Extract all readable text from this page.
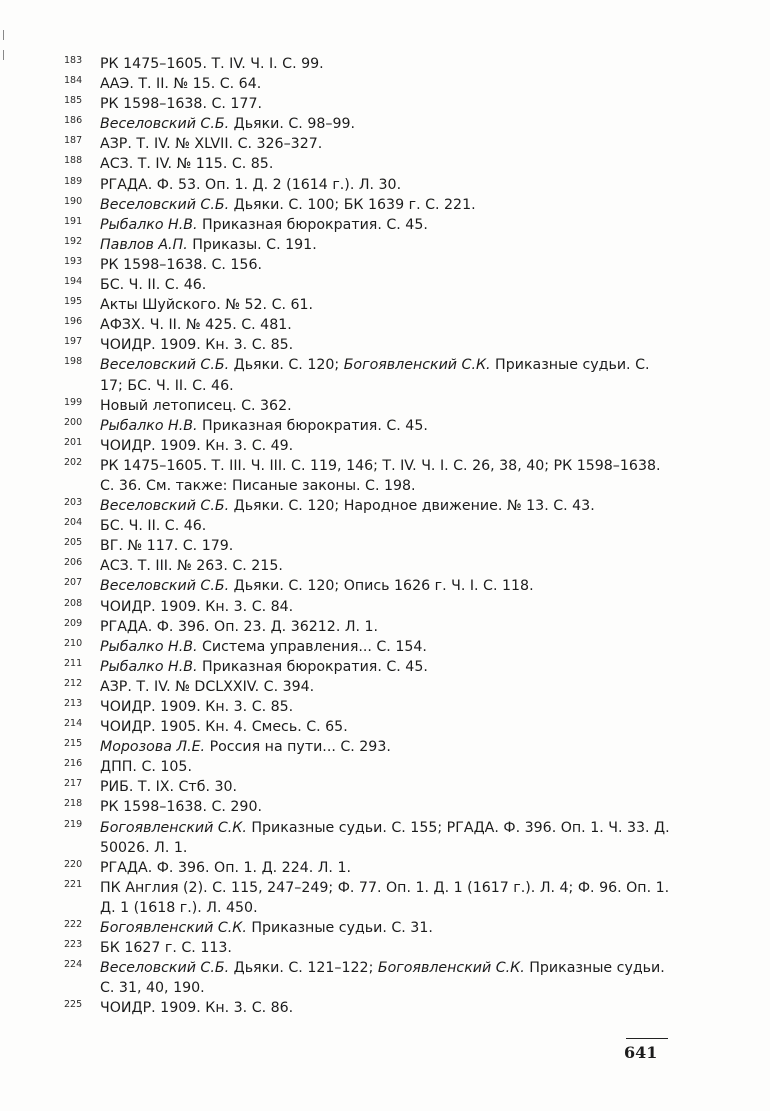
183 РК 1475–1605. Т. IV. Ч. I. С. 99.
184 ААЭ. Т. II. № 15. С. 64.
185 РК 1598–1638. С. 177.
186 Веселовский С.Б. Дьяки. С. 98–99.
187 АЗР. Т. IV. № XLVII. С. 326–327.
188 АСЗ. Т. IV. № 115. С. 85.
189 РГАДА. Ф. 53. Оп. 1. Д. 2 (1614 г.). Л. 30.
190 Веселовский С.Б. Дьяки. С. 100; БК 1639 г. С. 221.
191 Рыбалко Н.В. Приказная бюрократия. С. 45.
192 Павлов А.П. Приказы. С. 191.
193 РК 1598–1638. С. 156.
194 БС. Ч. II. С. 46.
195 Акты Шуйского. № 52. С. 61.
196 АФЗХ. Ч. II. № 425. С. 481.
197 ЧОИДР. 1909. Кн. 3. С. 85.
198 Веселовский С.Б. Дьяки. С. 120; Богоявленский С.К. Приказные судьи. С. 17; БС. Ч. II. С. 46.
199 Новый летописец. С. 362.
200 Рыбалко Н.В. Приказная бюрократия. С. 45.
201 ЧОИДР. 1909. Кн. 3. С. 49.
202 РК 1475–1605. Т. III. Ч. III. С. 119, 146; Т. IV. Ч. I. С. 26, 38, 40; РК 1598–1638. С. 36. См. также: Писаные законы. С. 198.
203 Веселовский С.Б. Дьяки. С. 120; Народное движение. № 13. С. 43.
204 БС. Ч. II. С. 46.
205 ВГ. № 117. С. 179.
206 АСЗ. Т. III. № 263. С. 215.
207 Веселовский С.Б. Дьяки. С. 120; Опись 1626 г. Ч. I. С. 118.
208 ЧОИДР. 1909. Кн. 3. С. 84.
209 РГАДА. Ф. 396. Оп. 23. Д. 36212. Л. 1.
210 Рыбалко Н.В. Система управления... С. 154.
211 Рыбалко Н.В. Приказная бюрократия. С. 45.
212 АЗР. Т. IV. № DCLXXIV. С. 394.
213 ЧОИДР. 1909. Кн. 3. С. 85.
214 ЧОИДР. 1905. Кн. 4. Смесь. С. 65.
215 Морозова Л.Е. Россия на пути... С. 293.
216 ДПП. С. 105.
217 РИБ. Т. IX. Стб. 30.
218 РК 1598–1638. С. 290.
219 Богоявленский С.К. Приказные судьи. С. 155; РГАДА. Ф. 396. Оп. 1. Ч. 33. Д. 50026. Л. 1.
220 РГАДА. Ф. 396. Оп. 1. Д. 224. Л. 1.
221 ПК Англия (2). С. 115, 247–249; Ф. 77. Оп. 1. Д. 1 (1617 г.). Л. 4; Ф. 96. Оп. 1. Д. 1 (1618 г.). Л. 450.
222 Богоявленский С.К. Приказные судьи. С. 31.
223 БК 1627 г. С. 113.
224 Веселовский С.Б. Дьяки. С. 121–122; Богоявленский С.К. Приказные судьи. С. 31, 40, 190.
225 ЧОИДР. 1909. Кн. 3. С. 86.
641
